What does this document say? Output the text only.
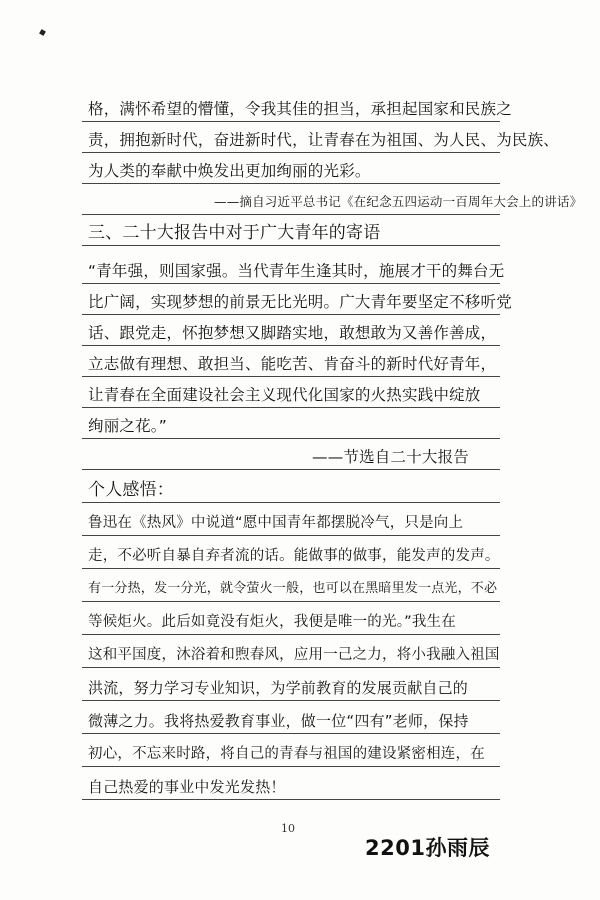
格，满怀希望的懵懂，令我其佳的担当，承担起国家和民族之
责，拥抱新时代，奋进新时代，让青春在为祖国、为人民、为民族、
为人类的奉献中焕发出更加绚丽的光彩。
——摘自习近平总书记《在纪念五四运动一百周年大会上的讲话》
三、二十大报告中对于广大青年的寄语
“青年强，则国家强。当代青年生逢其时，施展才干的舞台无
比广阔，实现梦想的前景无比光明。广大青年要坚定不移听党
话、跟党走，怀抱梦想又脚踏实地，敢想敢为又善作善成，
立志做有理想、敢担当、能吃苦、肯奋斗的新时代好青年，
让青春在全面建设社会主义现代化国家的火热实践中绽放
绚丽之花。”
——节选自二十大报告
个人感悟：
鲁迅在《热风》中说道“愿中国青年都摆脱冷气，只是向上
走，不必听自暴自弃者流的话。能做事的做事，能发声的发声。
有一分热，发一分光，就令萤火一般，也可以在黑暗里发一点光，不必
等候炬火。此后如竟没有炬火，我便是唯一的光。”我生在
这和平国度，沐浴着和煦春风，应用一己之力，将小我融入祖国
洪流，努力学习专业知识，为学前教育的发展贡献自己的
微薄之力。我将热爱教育事业，做一位“四有”老师，保持
初心，不忘来时路，将自己的青春与祖国的建设紧密相连，在
自己热爱的事业中发光发热！
10
2201孙雨辰
